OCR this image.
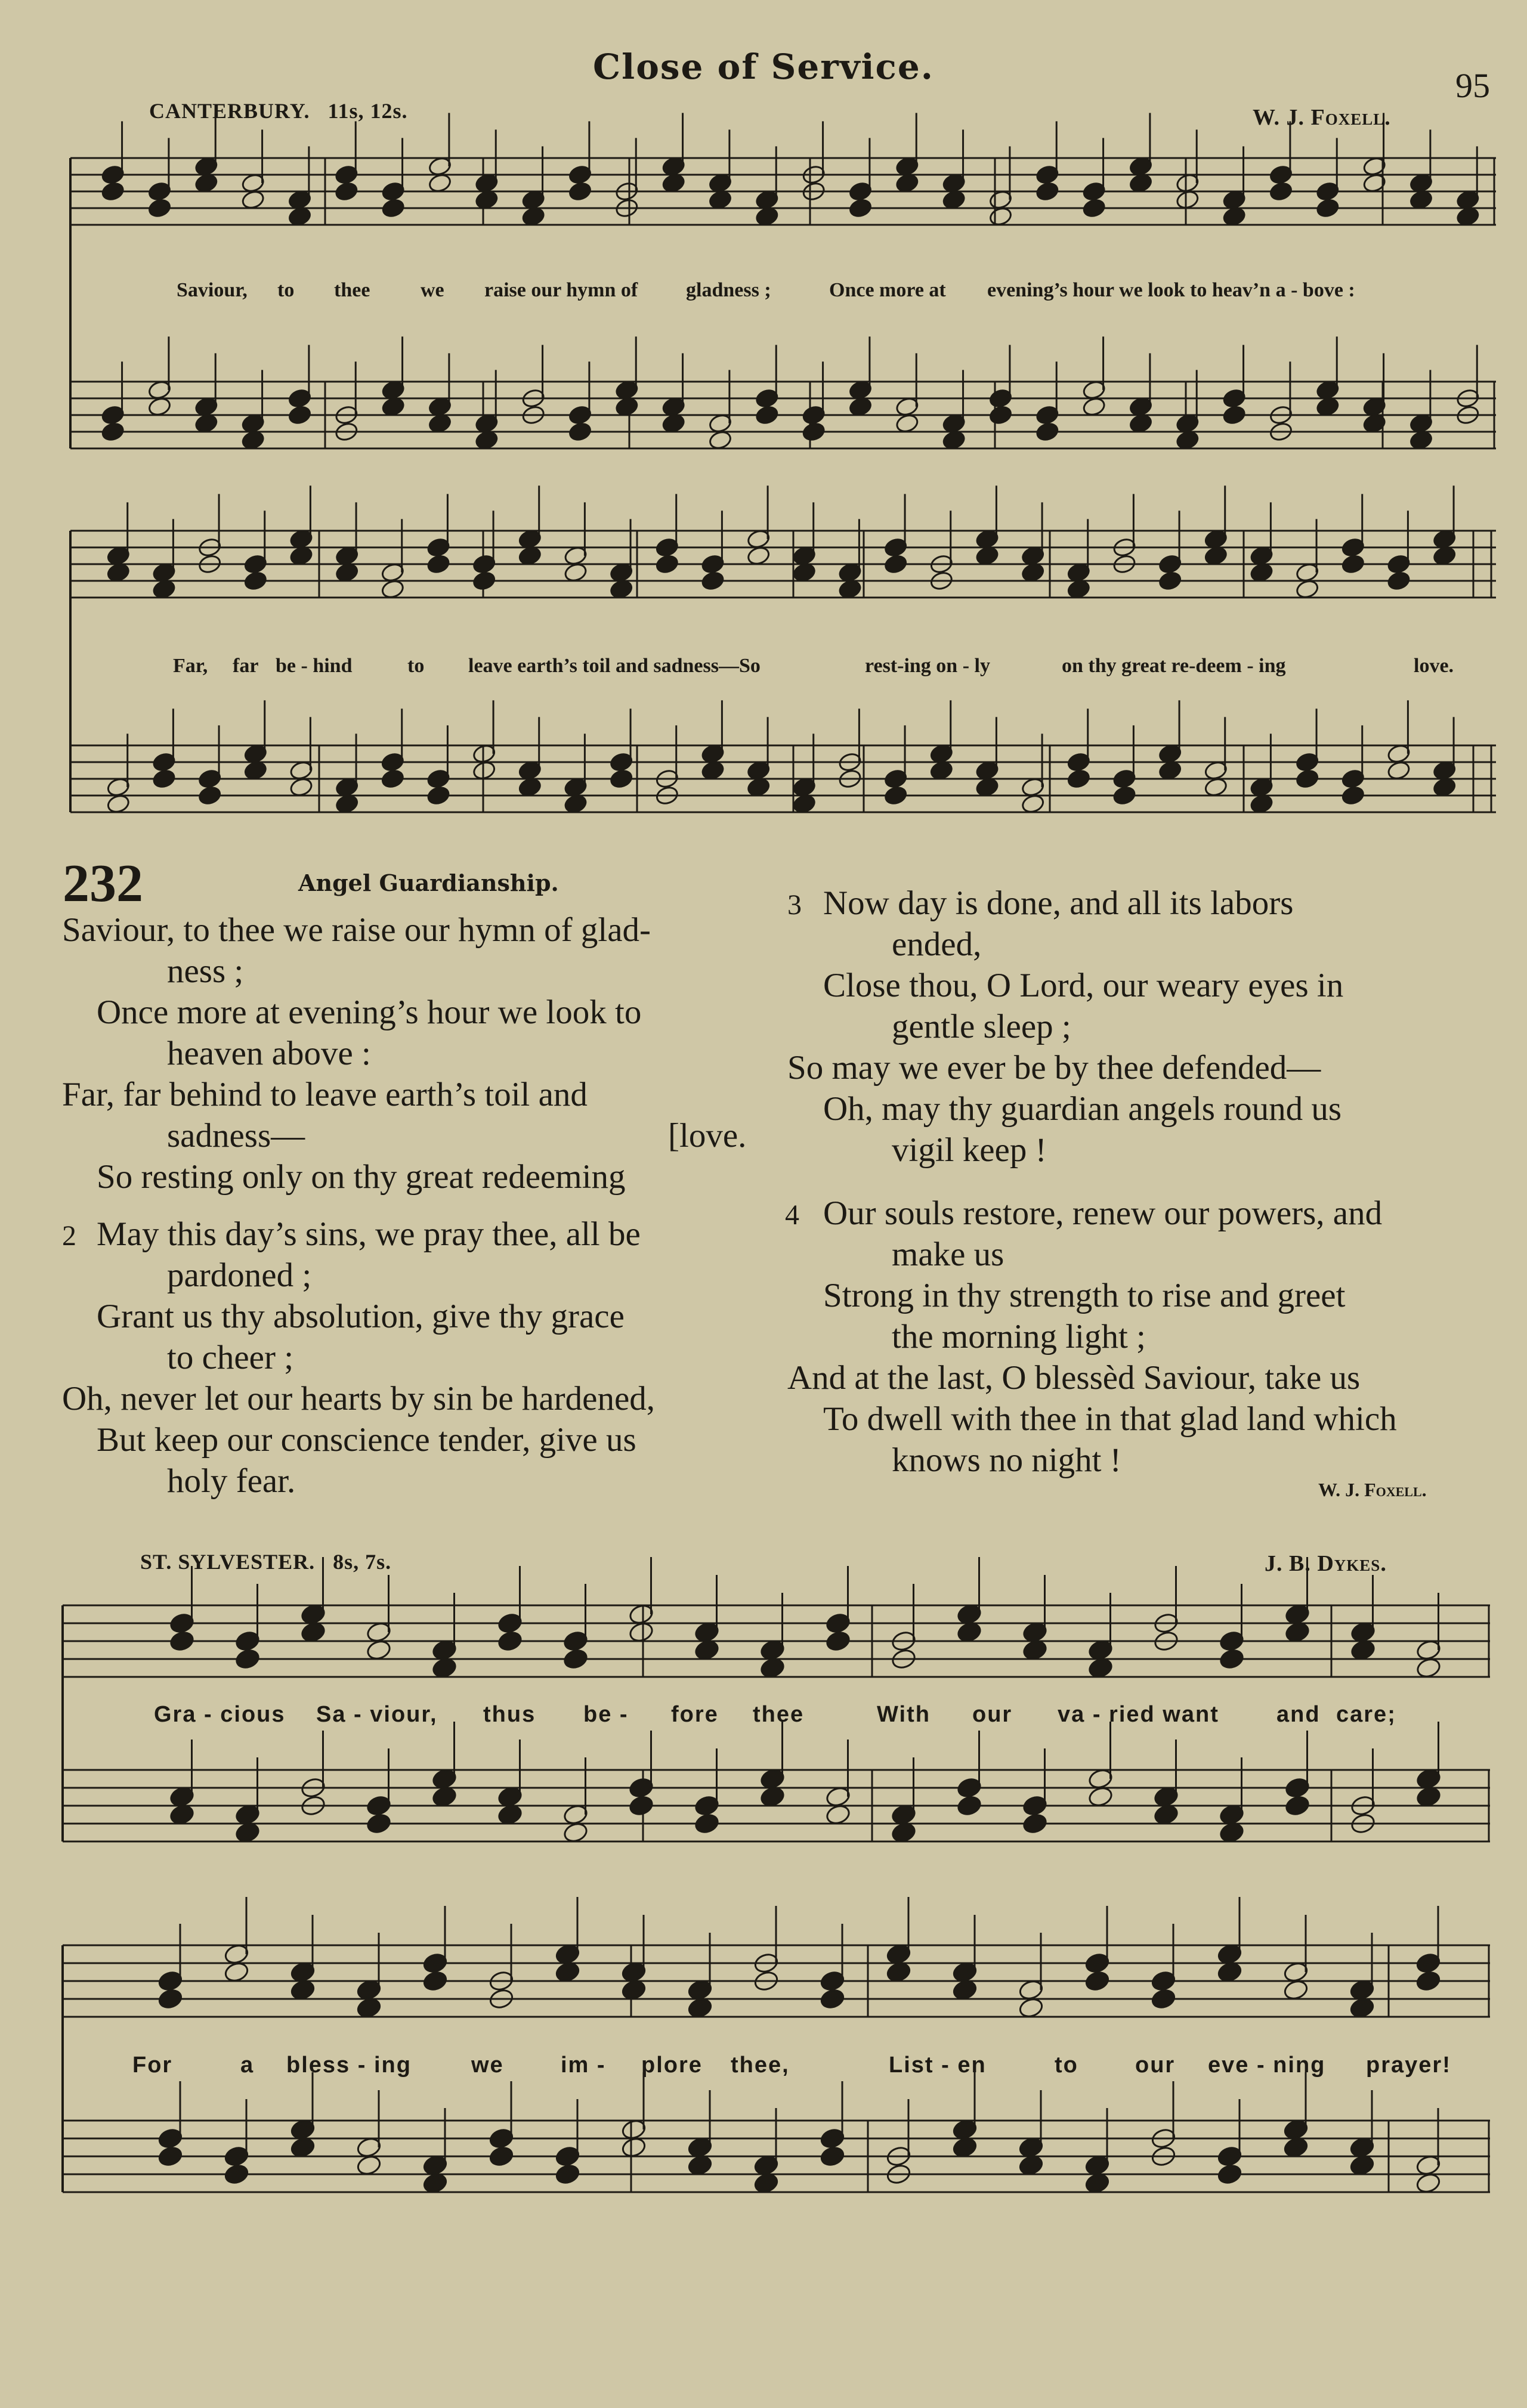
Close of Service.	95
CANTERBURY. 11s, 12s.	W. J. Foxell.
Saviour, to thee we raise our hymn of gladness ;	Once more at evening’s hour we look to heav’n a - bove :
Far, far be - hind	to leave earth’s toil and sadness—So	rest-ing on - ly	on thy great re-deem - ing	love.
232	Angel Guardianship.
Saviour, to thee we raise our hymn of glad-
ness ;
Once more at evening’s hour we look to
heaven above :
Far, far behind to leave earth’s toil and
sadness—	[love.
So resting only on thy great redeeming
2 May this day’s sins, we pray thee, all be
pardoned ;
Grant us thy absolution, give thy grace
to cheer ;
Oh, never let our hearts by sin be hardened,
But keep our conscience tender, give us
holy fear.
3 Now day is done, and all its labors
ended,
Close thou, O Lord, our weary eyes in
gentle sleep ;
So may we ever be by thee defended—
Oh, may thy guardian angels round us
vigil keep !
4 Our souls restore, renew our powers, and
make us
Strong in thy strength to rise and greet
the morning light ;
And at the last, O blessèd Saviour, take us
To dwell with thee in that glad land which
knows no night !
W. J. Foxell.
ST. SYLVESTER. 8s, 7s.	J. B. Dykes.
Gra - cious Sa - viour, thus be - fore thee	With our va - ried want	and care;
For	a bless - ing	we	im - plore thee,	List - en	to	our eve - ning prayer!
